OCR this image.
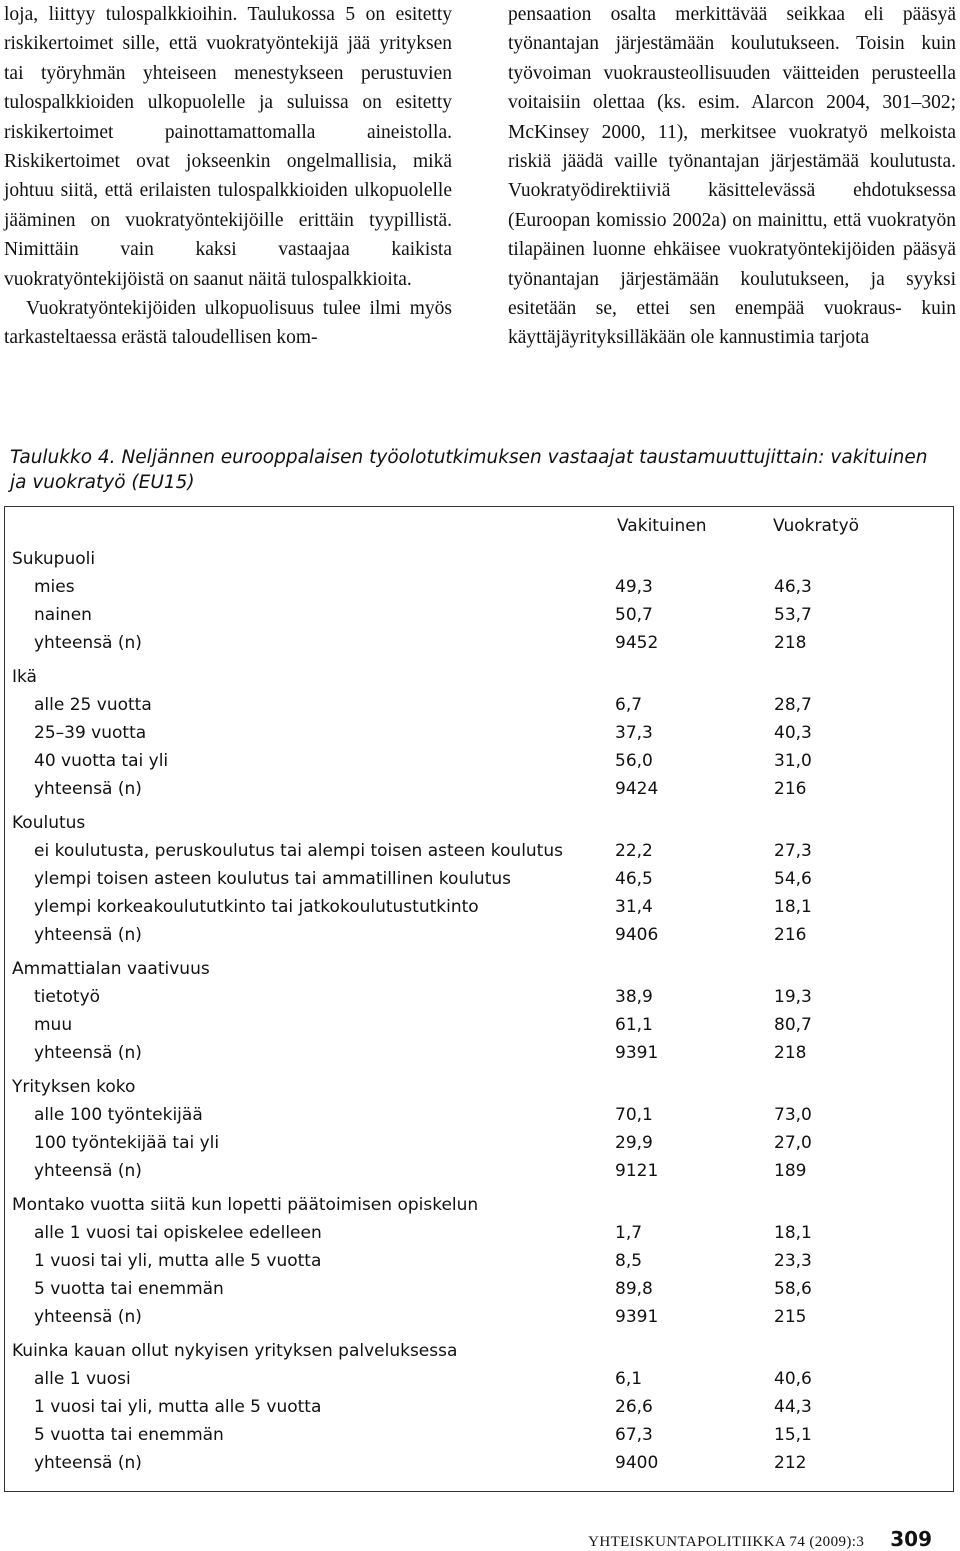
loja, liittyy tulospalkkioihin. Taulukossa 5 on esitetty riskikertoimet sille, että vuokratyöntekijä jää yrityksen tai työryhmän yhteiseen menestykseen perustuvien tulospalkkioiden ulkopuolelle ja suluissa on esitetty riskikertoimet painottamattomalla aineistolla. Riskikertoimet ovat jokseenkin ongelmallisia, mikä johtuu siitä, että erilaisten tulospalkkioiden ulkopuolelle jääminen on vuokratyöntekijöille erittäin tyypillistä. Nimittäin vain kaksi vastaajaa kaikista vuokratyöntekijöistä on saanut näitä tulospalkkioita.

Vuokratyöntekijöiden ulkopuolisuus tulee ilmi myös tarkasteltaessa erästä taloudellisen kom-

pensaation osalta merkittävää seikkaa eli pääsyä työnantajan järjestämään koulutukseen. Toisin kuin työvoiman vuokrausteollisuuden väitteiden perusteella voitaisiin olettaa (ks. esim. Alarcon 2004, 301–302; McKinsey 2000, 11), merkitsee vuokratyö melkoista riskiä jäädä vaille työnantajan järjestämää koulutusta. Vuokratyödirektiiviä käsittelevässä ehdotuksessa (Euroopan komissio 2002a) on mainittu, että vuokratyön tilapäinen luonne ehkäisee vuokratyöntekijöiden pääsyä työnantajan järjestämään koulutukseen, ja syyksi esitetään se, ettei sen enempää vuokraus- kuin käyttäjäyrityksilläkään ole kannustimia tarjota

Taulukko 4. Neljännen eurooppalaisen työolotutkimuksen vastaajat taustamuuttujittain: vakituinen ja vuokratyö (EU15)
Vakituinen	Vuokratyö
Sukupuoli
mies	49,3	46,3
nainen	50,7	53,7
yhteensä (n)	9452	218
Ikä
alle 25 vuotta	6,7	28,7
25–39 vuotta	37,3	40,3
40 vuotta tai yli	56,0	31,0
yhteensä (n)	9424	216
Koulutus
ei koulutusta, peruskoulutus tai alempi toisen asteen koulutus	22,2	27,3
ylempi toisen asteen koulutus tai ammatillinen koulutus	46,5	54,6
ylempi korkeakoulututkinto tai jatkokoulutustutkinto	31,4	18,1
yhteensä (n)	9406	216
Ammattialan vaativuus
tietotyö	38,9	19,3
muu	61,1	80,7
yhteensä (n)	9391	218
Yrityksen koko
alle 100 työntekijää	70,1	73,0
100 työntekijää tai yli	29,9	27,0
yhteensä (n)	9121	189
Montako vuotta siitä kun lopetti päätoimisen opiskelun
alle 1 vuosi tai opiskelee edelleen	1,7	18,1
1 vuosi tai yli, mutta alle 5 vuotta	8,5	23,3
5 vuotta tai enemmän	89,8	58,6
yhteensä (n)	9391	215
Kuinka kauan ollut nykyisen yrityksen palveluksessa
alle 1 vuosi	6,1	40,6
1 vuosi tai yli, mutta alle 5 vuotta	26,6	44,3
5 vuotta tai enemmän	67,3	15,1
yhteensä (n)	9400	212
YHTEISKUNTAPOLITIIKKA 74 (2009):3 309
